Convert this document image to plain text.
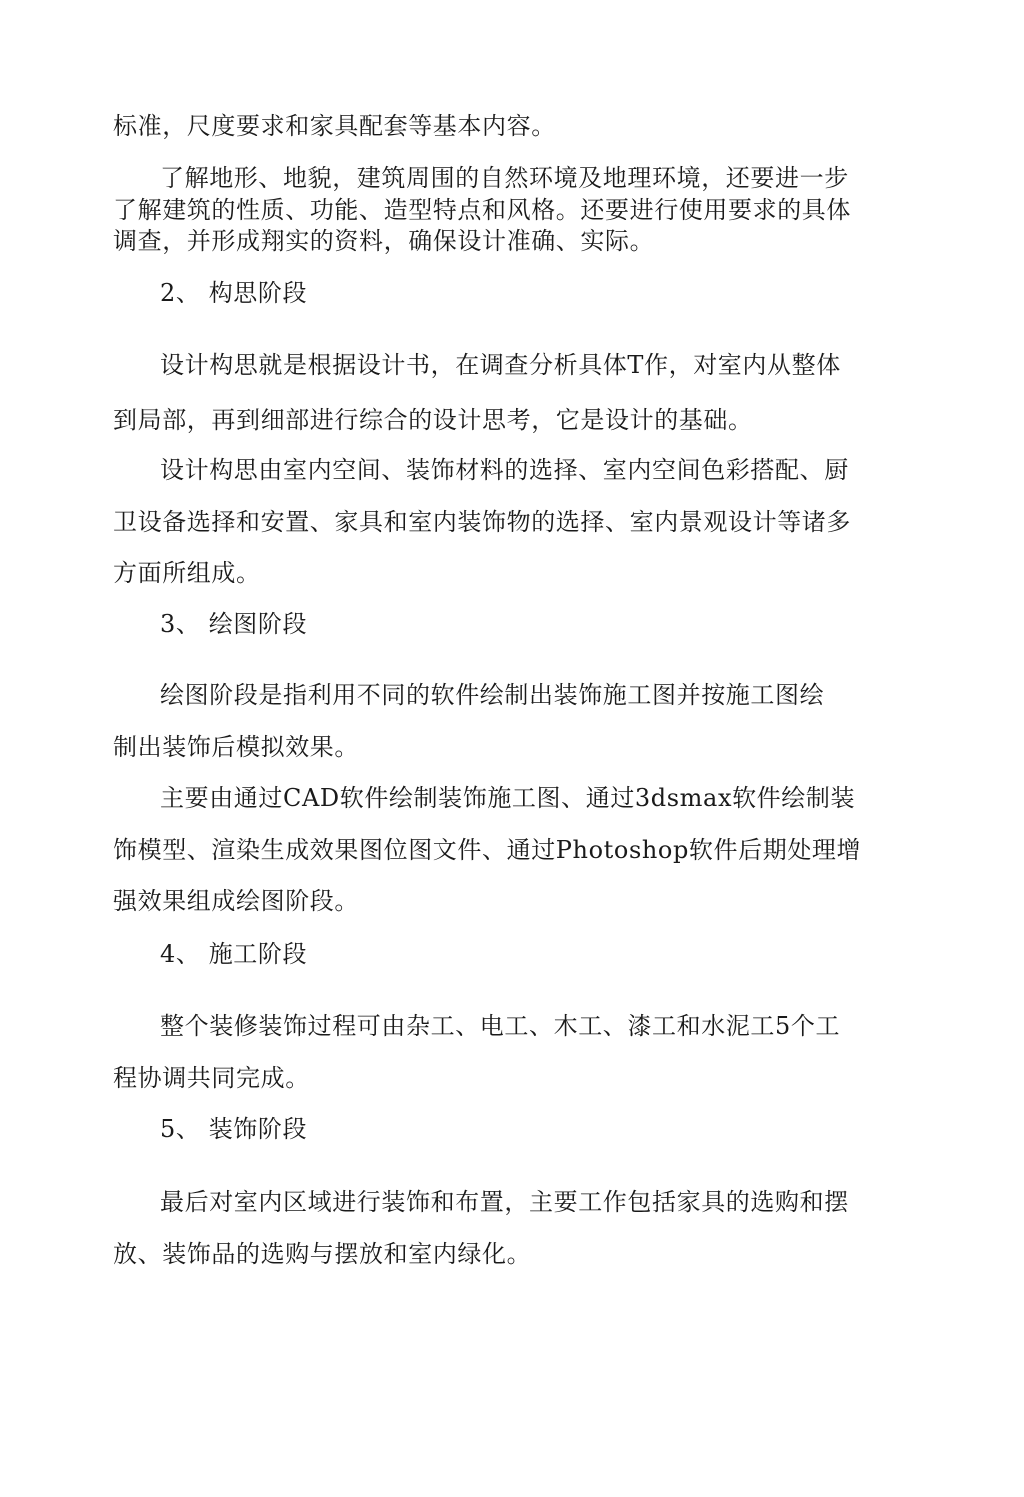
标准，尺度要求和家具配套等基本内容。
了解地形、地貌，建筑周围的自然环境及地理环境，还要进一步
了解建筑的性质、功能、造型特点和风格。还要进行使用要求的具体
调查，并形成翔实的资料，确保设计准确、实际。
2、 构思阶段
设计构思就是根据设计书，在调查分析具体T作，对室内从整体
到局部，再到细部进行综合的设计思考，它是设计的基础。
设计构思由室内空间、装饰材料的选择、室内空间色彩搭配、厨
卫设备选择和安置、家具和室内装饰物的选择、室内景观设计等诸多
方面所组成。
3、 绘图阶段
绘图阶段是指利用不同的软件绘制出装饰施工图并按施工图绘
制出装饰后模拟效果。
主要由通过CAD软件绘制装饰施工图、通过3dsmax软件绘制装
饰模型、渲染生成效果图位图文件、通过Photoshop软件后期处理增
强效果组成绘图阶段。
4、 施工阶段
整个装修装饰过程可由杂工、电工、木工、漆工和水泥工5个工
程协调共同完成。
5、 装饰阶段
最后对室内区域进行装饰和布置，主要工作包括家具的选购和摆
放、装饰品的选购与摆放和室内绿化。
